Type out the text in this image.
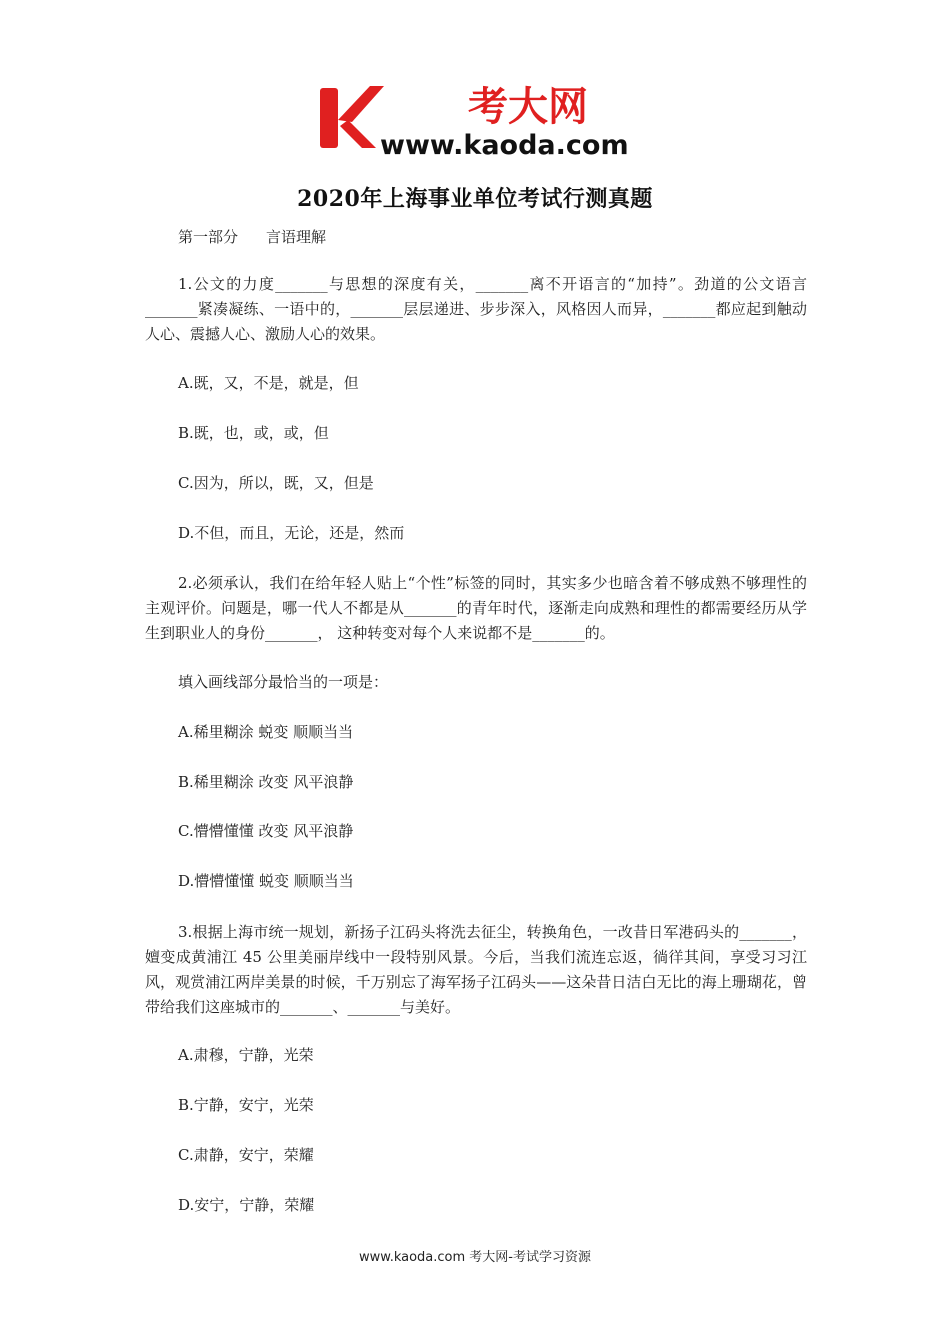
考大网
www.kaoda.com
2020年上海事业单位考试行测真题
第一部分 言语理解

1.公文的力度_______与思想的深度有关，_______离不开语言的“加持”。劲道的公文语言_______紧凑凝练、一语中的，_______层层递进、步步深入，风格因人而异，_______都应起到触动人心、震撼人心、激励人心的效果。

A.既，又，不是，就是，但

B.既，也，或，或，但

C.因为，所以，既，又，但是

D.不但，而且，无论，还是，然而

2.必须承认，我们在给年轻人贴上“个性”标签的同时，其实多少也暗含着不够成熟不够理性的主观评价。问题是，哪一代人不都是从_______的青年时代，逐渐走向成熟和理性的都需要经历从学生到职业人的身份_______， 这种转变对每个人来说都不是_______的。

填入画线部分最恰当的一项是：

A.稀里糊涂 蜕变 顺顺当当

B.稀里糊涂 改变 风平浪静

C.懵懵懂懂 改变 风平浪静

D.懵懵懂懂 蜕变 顺顺当当

3.根据上海市统一规划，新扬子江码头将洗去征尘，转换角色，一改昔日军港码头的_______，嬗变成黄浦江 45 公里美丽岸线中一段特别风景。今后，当我们流连忘返，徜徉其间，享受习习江风，观赏浦江两岸美景的时候，千万别忘了海军扬子江码头——这朵昔日洁白无比的海上珊瑚花，曾带给我们这座城市的_______、_______与美好。

A.肃穆，宁静，光荣

B.宁静，安宁，光荣

C.肃静，安宁，荣耀

D.安宁，宁静，荣耀

www.kaoda.com 考大网-考试学习资源
